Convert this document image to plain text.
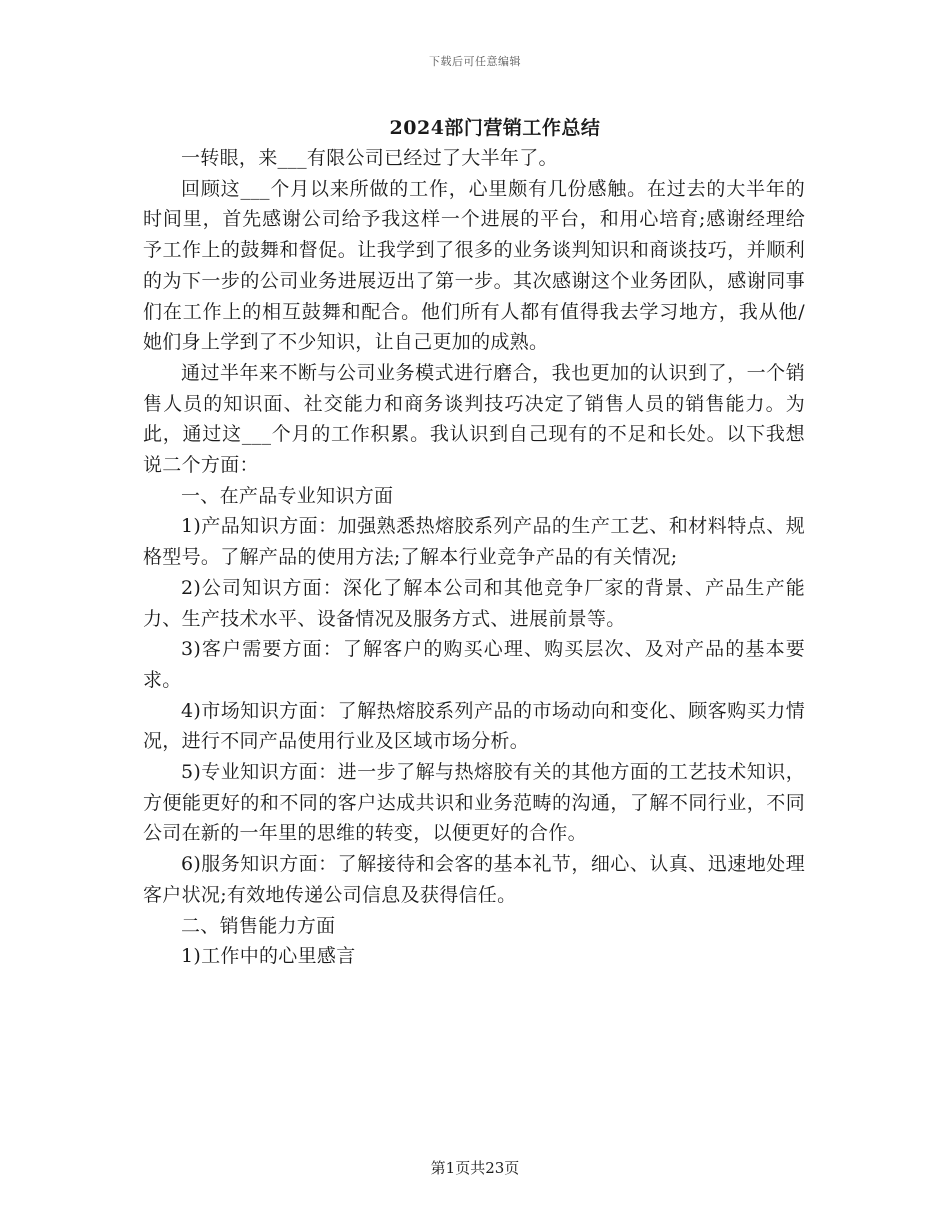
下载后可任意编辑
2024部门营销工作总结

一转眼，来___有限公司已经过了大半年了。

回顾这___个月以来所做的工作，心里颇有几份感触。在过去的大半年的时间里，首先感谢公司给予我这样一个进展的平台，和用心培育;感谢经理给予工作上的鼓舞和督促。让我学到了很多的业务谈判知识和商谈技巧，并顺利的为下一步的公司业务进展迈出了第一步。其次感谢这个业务团队，感谢同事们在工作上的相互鼓舞和配合。他们所有人都有值得我去学习地方，我从他/她们身上学到了不少知识，让自己更加的成熟。

通过半年来不断与公司业务模式进行磨合，我也更加的认识到了，一个销售人员的知识面、社交能力和商务谈判技巧决定了销售人员的销售能力。为此，通过这___个月的工作积累。我认识到自己现有的不足和长处。以下我想说二个方面：

一、在产品专业知识方面

1)产品知识方面：加强熟悉热熔胶系列产品的生产工艺、和材料特点、规格型号。了解产品的使用方法;了解本行业竞争产品的有关情况;

2)公司知识方面：深化了解本公司和其他竞争厂家的背景、产品生产能力、生产技术水平、设备情况及服务方式、进展前景等。

3)客户需要方面：了解客户的购买心理、购买层次、及对产品的基本要求。

4)市场知识方面：了解热熔胶系列产品的市场动向和变化、顾客购买力情况，进行不同产品使用行业及区域市场分析。

5)专业知识方面：进一步了解与热熔胶有关的其他方面的工艺技术知识，方便能更好的和不同的客户达成共识和业务范畴的沟通，了解不同行业，不同公司在新的一年里的思维的转变，以便更好的合作。

6)服务知识方面：了解接待和会客的基本礼节，细心、认真、迅速地处理客户状况;有效地传递公司信息及获得信任。

二、销售能力方面

1)工作中的心里感言

第1页共23页
